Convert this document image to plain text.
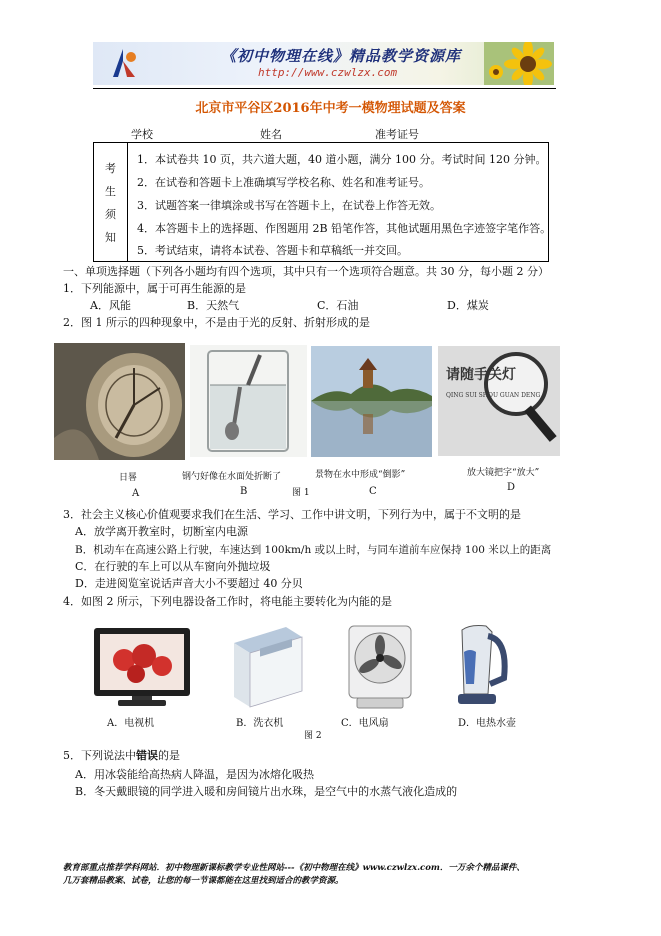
《初中物理在线》精品教学资源库
http://www.czwlzx.com
北京市平谷区2016年中考一模物理试题及答案
学校	姓名	准考证号
考
生
须
知
1．本试卷共 10 页，共六道大题，40 道小题，满分 100 分。考试时间 120 分钟。
2．在试卷和答题卡上准确填写学校名称、姓名和准考证号。
3．试题答案一律填涂或书写在答题卡上，在试卷上作答无效。
4．本答题卡上的选择题、作图题用 2B 铅笔作答，其他试题用黑色字迹签字笔作答。
5．考试结束，请将本试卷、答题卡和草稿纸一并交回。
一、单项选择题（下列各小题均有四个选项，其中只有一个选项符合题意。共 30 分，每小题 2 分）
1．下列能源中，属于可再生能源的是
A．风能	B．天然气	C．石油	D．煤炭
2．图 1 所示的四种现象中，不是由于光的反射、折射形成的是
请随手关灯
QING SUI SHOU GUAN DENG
日晷	钢勺好像在水面处折断了	景物在水中形成“倒影”	放大镜把字“放大”
A	B	图 1	C	D
3．社会主义核心价值观要求我们在生活、学习、工作中讲文明，下列行为中，属于不文明的是
A．放学离开教室时，切断室内电源
B．机动车在高速公路上行驶，车速达到 100km/h 或以上时，与同车道前车应保持 100 米以上的距离
C．在行驶的车上可以从车窗向外抛垃圾
D．走进阅览室说话声音大小不要超过 40 分贝
4．如图 2 所示，下列电器设备工作时，将电能主要转化为内能的是
A．电视机	B．洗衣机	C．电风扇	D．电热水壶
图 2
5．下列说法中错误的是
A．用冰袋能给高热病人降温，是因为冰熔化吸热
B．冬天戴眼镜的同学进入暖和房间镜片出水珠，是空气中的水蒸气液化造成的
教育部重点推荐学科网站．初中物理新课标教学专业性网站---《初中物理在线》www.czwlzx.com．一万余个精品课件、
几万套精品教案、试卷，让您的每一节课都能在这里找到适合的教学资源。
